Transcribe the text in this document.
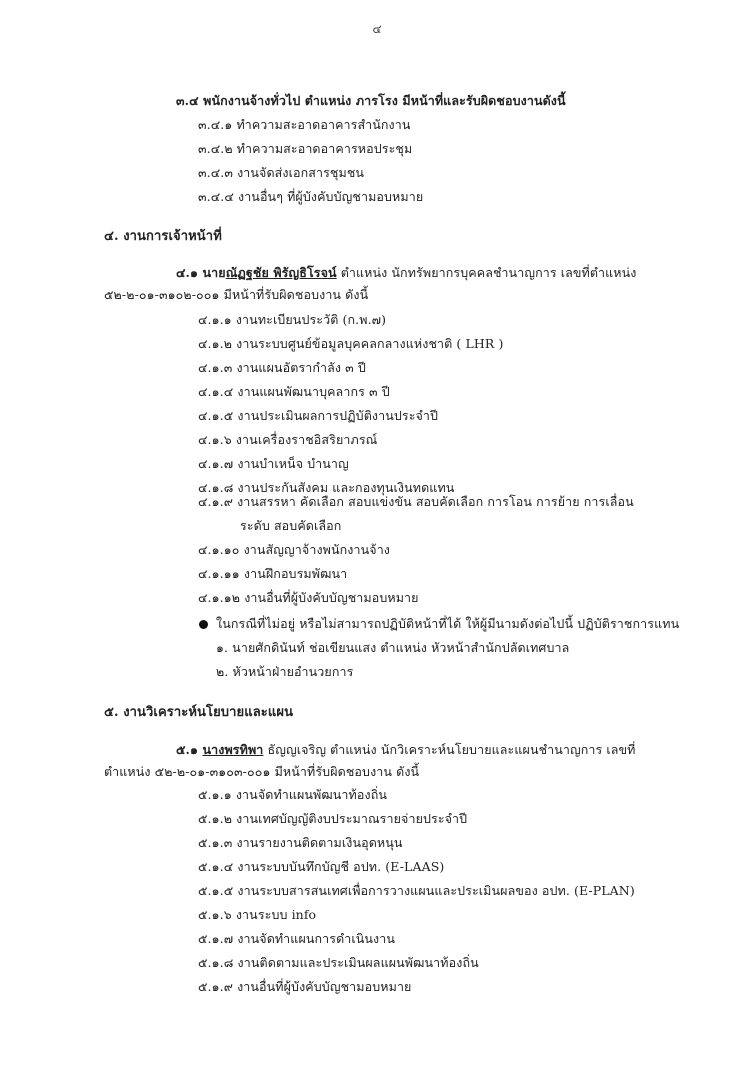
๔
๓.๔ พนักงานจ้างทั่วไป ตำแหน่ง ภารโรง มีหน้าที่และรับผิดชอบงานดังนี้
๓.๔.๑ ทำความสะอาดอาคารสำนักงาน
๓.๔.๒ ทำความสะอาดอาคารหอประชุม
๓.๔.๓ งานจัดส่งเอกสารชุมชน
๓.๔.๔ งานอื่นๆ ที่ผู้บังคับบัญชามอบหมาย
๔. งานการเจ้าหน้าที่
๔.๑ นายณัฏฐชัย พิรัญธิโรจน์ ตำแหน่ง นักทรัพยากรบุคคลชำนาญการ เลขที่ตำแหน่ง
๕๒-๒-๐๑-๓๑๐๒-๐๐๑ มีหน้าที่รับผิดชอบงาน ดังนี้
๔.๑.๑ งานทะเบียนประวัติ (ก.พ.๗)
๔.๑.๒ งานระบบศูนย์ข้อมูลบุคคลกลางแห่งชาติ ( LHR )
๔.๑.๓ งานแผนอัตรากำลัง ๓ ปี
๔.๑.๔ งานแผนพัฒนาบุคลากร ๓ ปี
๔.๑.๕ งานประเมินผลการปฏิบัติงานประจำปี
๔.๑.๖ งานเครื่องราชอิสริยาภรณ์
๔.๑.๗ งานบำเหน็จ บำนาญ
๔.๑.๘ งานประกันสังคม และกองทุนเงินทดแทน
๔.๑.๙ งานสรรหา คัดเลือก สอบแข่งขัน สอบคัดเลือก การโอน การย้าย การเลื่อน
ระดับ สอบคัดเลือก
๔.๑.๑๐ งานสัญญาจ้างพนักงานจ้าง
๔.๑.๑๑ งานฝึกอบรมพัฒนา
๔.๑.๑๒ งานอื่นที่ผู้บังคับบัญชามอบหมาย
ในกรณีที่ไม่อยู่ หรือไม่สามารถปฏิบัติหน้าที่ได้ ให้ผู้มีนามดังต่อไปนี้ ปฏิบัติราชการแทน
๑. นายศักดินันท์ ช่อเขียนแสง ตำแหน่ง หัวหน้าสำนักปลัดเทศบาล
๒. หัวหน้าฝ่ายอำนวยการ
๕. งานวิเคราะห์นโยบายและแผน
๕.๑ นางพรทิพา ธัญญเจริญ ตำแหน่ง นักวิเคราะห์นโยบายและแผนชำนาญการ เลขที่
ตำแหน่ง ๕๒-๒-๐๑-๓๑๐๓-๐๐๑ มีหน้าที่รับผิดชอบงาน ดังนี้
๕.๑.๑ งานจัดทำแผนพัฒนาท้องถิ่น
๕.๑.๒ งานเทศบัญญัติงบประมาณรายจ่ายประจำปี
๕.๑.๓ งานรายงานติดตามเงินอุดหนุน
๕.๑.๔ งานระบบบันทึกบัญชี อปท. (E-LAAS)
๕.๑.๕ งานระบบสารสนเทศเพื่อการวางแผนและประเมินผลของ อปท. (E-PLAN)
๕.๑.๖ งานระบบ info
๕.๑.๗ งานจัดทำแผนการดำเนินงาน
๕.๑.๘ งานติดตามและประเมินผลแผนพัฒนาท้องถิ่น
๕.๑.๙ งานอื่นที่ผู้บังคับบัญชามอบหมาย
